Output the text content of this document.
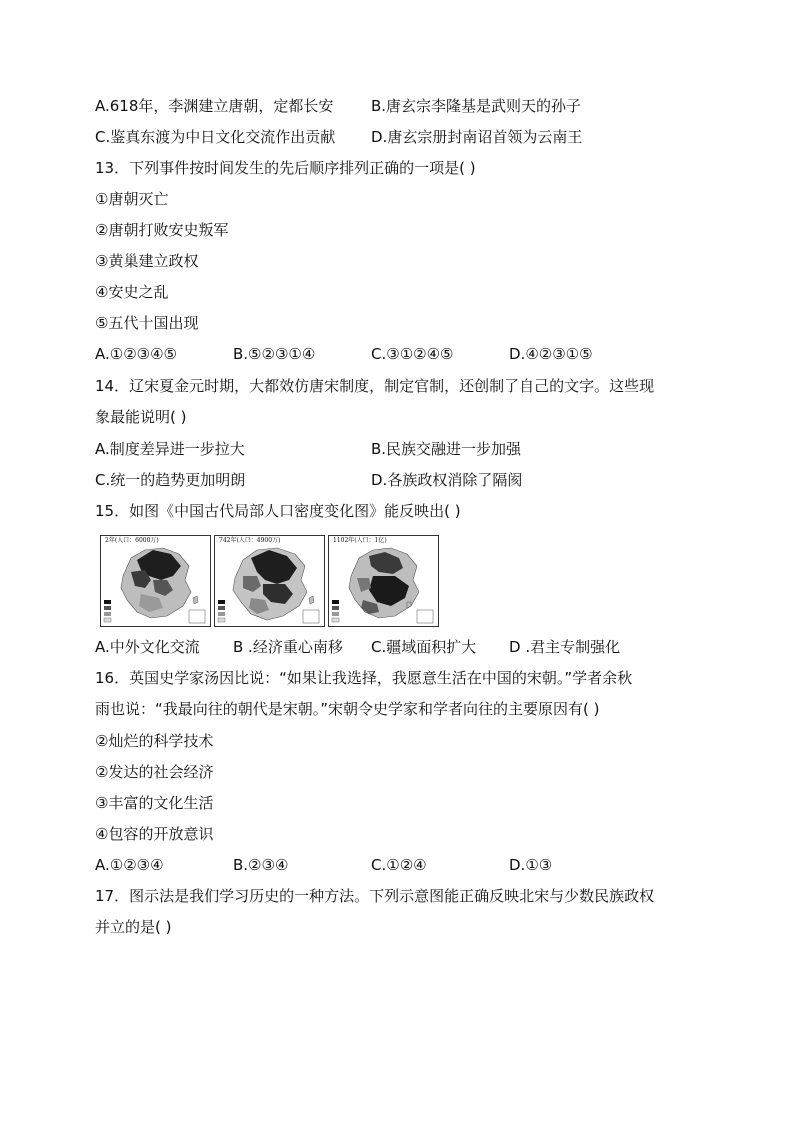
A.618年，李渊建立唐朝，定都长安	B.唐玄宗李隆基是武则天的孙子
C.鉴真东渡为中日文化交流作出贡献 D.唐玄宗册封南诏首领为云南王
13．下列事件按时间发生的先后顺序排列正确的一项是( )
①唐朝灭亡
②唐朝打败安史叛军
③黄巢建立政权
④安史之乱
⑤五代十国出现
A.①②③④⑤	B.⑤②③①④	C.③①②④⑤	D.④②③①⑤
14．辽宋夏金元时期，大都效仿唐宋制度，制定官制，还创制了自己的文字。这些现
象最能说明( )
A.制度差异进一步拉大	B.民族交融进一步加强
C.统一的趋势更加明朗	D.各族政权消除了隔阂
15．如图《中国古代局部人口密度变化图》能反映出( )
2年(人口：6000万)	742年(人口：4900万)	1102年(人口：1亿)
A.中外文化交流 B .经济重心南移 C.疆域面积扩大 D .君主专制强化
16．英国史学家汤因比说：“如果让我选择，我愿意生活在中国的宋朝。”学者余秋
雨也说：“我最向往的朝代是宋朝。”宋朝令史学家和学者向往的主要原因有( )
②灿烂的科学技术
②发达的社会经济
③丰富的文化生活
④包容的开放意识
A.①②③④	B.②③④	C.①②④	D.①③
17．图示法是我们学习历史的一种方法。下列示意图能正确反映北宋与少数民族政权
并立的是( )
